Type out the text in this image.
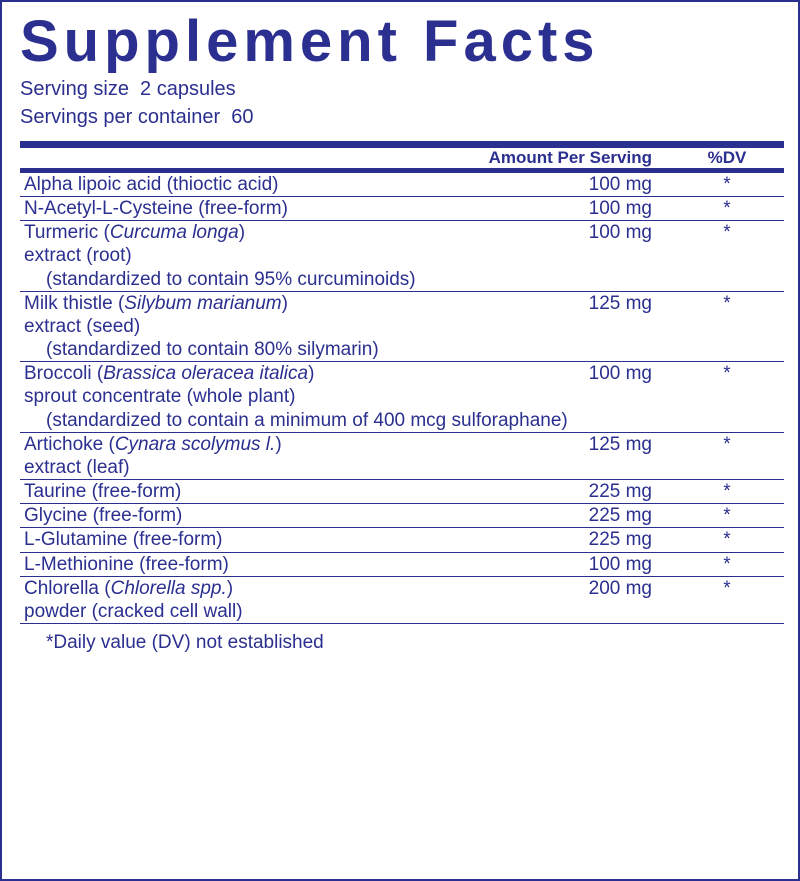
Supplement Facts
Serving size  2 capsules
Servings per container  60
	Amount Per Serving	%DV

Alpha lipoic acid (thioctic acid)	100 mg	*

N-Acetyl-L-Cysteine (free-form)	100 mg	*

Turmeric (Curcuma longa)
extract (root)
(standardized to contain 95% curcuminoids)	100 mg	*

Milk thistle (Silybum marianum)
extract (seed)
(standardized to contain 80% silymarin)	125 mg	*

Broccoli (Brassica oleracea italica)
sprout concentrate (whole plant)
(standardized to contain a minimum of 400 mcg sulforaphane)	100 mg	*

Artichoke (Cynara scolymus l.)
extract (leaf)	125 mg	*

Taurine (free-form)	225 mg	*

Glycine (free-form)	225 mg	*

L-Glutamine (free-form)	225 mg	*

L-Methionine (free-form)	100 mg	*

Chlorella (Chlorella spp.)
powder (cracked cell wall)	200 mg	*
*Daily value (DV) not established
